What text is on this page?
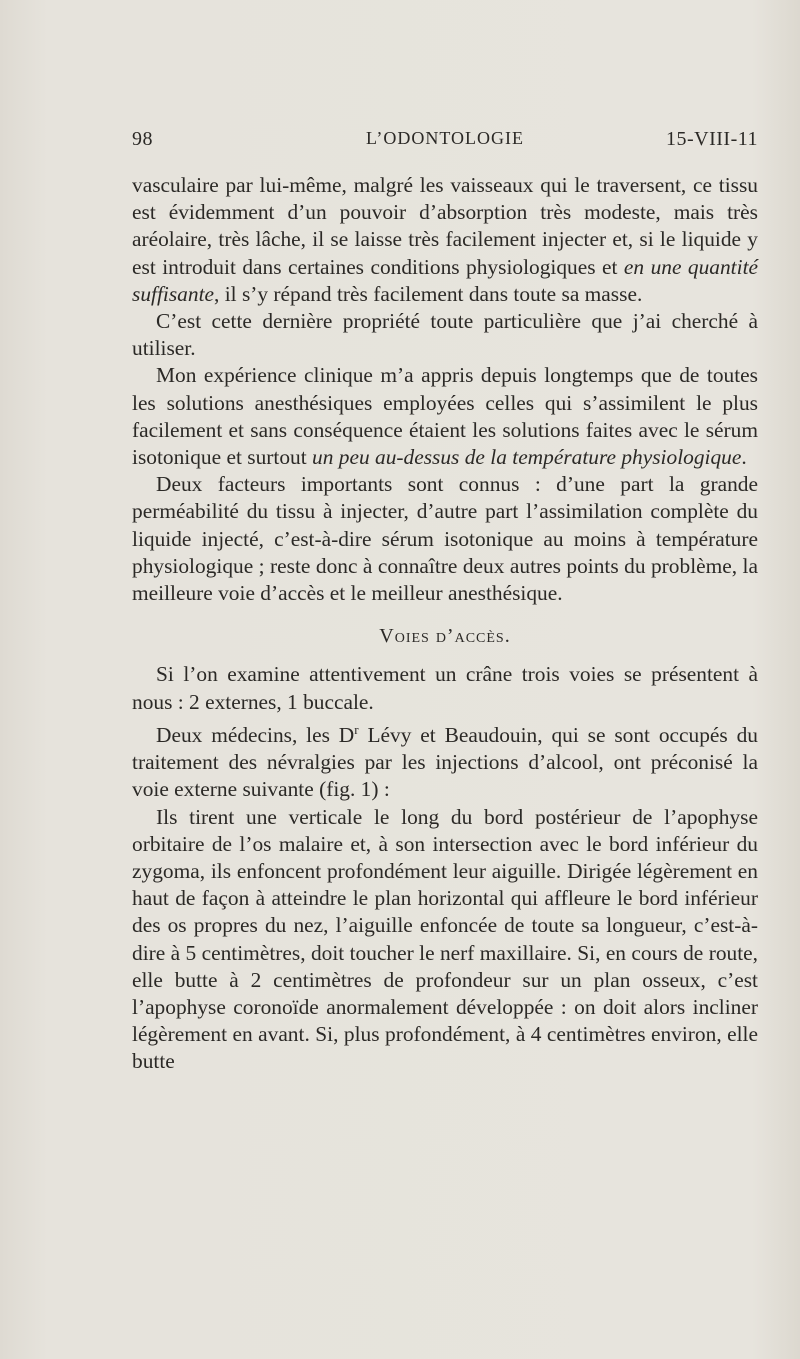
98	L’ODONTOLOGIE	15-VIII-11

vasculaire par lui-même, malgré les vaisseaux qui le traversent, ce tissu est évidemment d’un pouvoir d’absorption très modeste, mais très aréolaire, très lâche, il se laisse très facilement injecter et, si le liquide y est introduit dans certaines conditions physiologiques et en une quantité suffisante, il s’y répand très facilement dans toute sa masse.

C’est cette dernière propriété toute particulière que j’ai cherché à utiliser.

Mon expérience clinique m’a appris depuis longtemps que de toutes les solutions anesthésiques employées celles qui s’assimilent le plus facilement et sans conséquence étaient les solutions faites avec le sérum isotonique et surtout un peu au-dessus de la température physiologique.

Deux facteurs importants sont connus : d’une part la grande perméabilité du tissu à injecter, d’autre part l’assimilation complète du liquide injecté, c’est-à-dire sérum isotonique au moins à température physiologique ; reste donc à connaître deux autres points du problème, la meilleure voie d’accès et le meilleur anesthésique.

Voies d’accès.

Si l’on examine attentivement un crâne trois voies se présentent à nous : 2 externes, 1 buccale.

Deux médecins, les $D^r$ Lévy et Beaudouin, qui se sont occupés du traitement des névralgies par les injections d’alcool, ont préconisé la voie externe suivante (fig. 1) :

Ils tirent une verticale le long du bord postérieur de l’apophyse orbitaire de l’os malaire et, à son intersection avec le bord inférieur du zygoma, ils enfoncent profondément leur aiguille. Dirigée légèrement en haut de façon à atteindre le plan horizontal qui affleure le bord inférieur des os propres du nez, l’aiguille enfoncée de toute sa longueur, c’est-à-dire à 5 centimètres, doit toucher le nerf maxillaire. Si, en cours de route, elle butte à 2 centimètres de profondeur sur un plan osseux, c’est l’apophyse coronoïde anormalement développée : on doit alors incliner légèrement en avant. Si, plus profondément, à 4 centimètres environ, elle butte
